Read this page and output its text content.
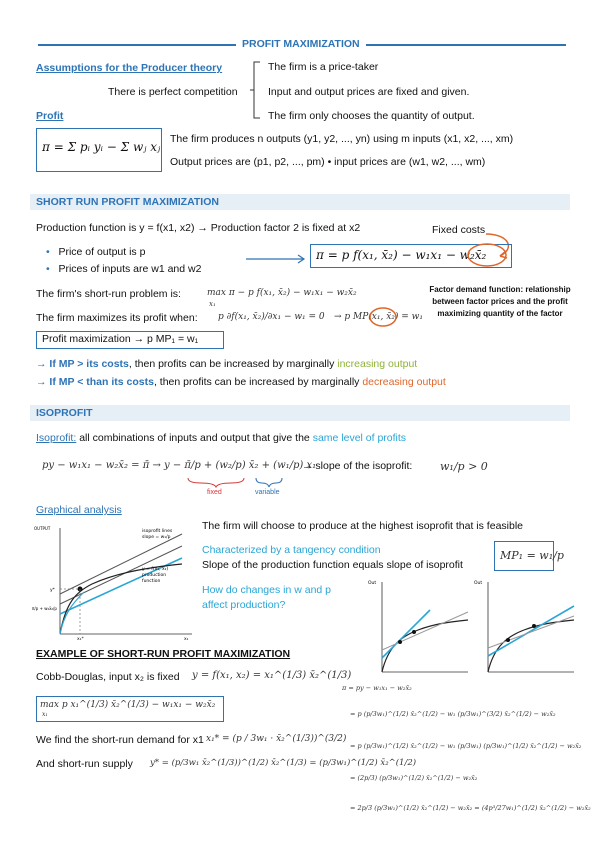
PROFIT MAXIMIZATION
Assumptions for the Producer theory
There is perfect competition
The firm is a price-taker
Input and output prices are fixed and given.
The firm only chooses the quantity of output.
Profit
π = Σ pᵢ yᵢ − Σ wⱼ xⱼ
The firm produces n outputs (y1, y2, ..., yn) using m inputs (x1, x2, ..., xm)
Output prices are (p1, p2, ..., pm) • input prices are (w1, w2, ..., wm)
SHORT RUN PROFIT MAXIMIZATION
Production function is y = f(x1, x2) → Production factor 2 is fixed at x2	Fixed costs
• Price of output is p
• Prices of inputs are w1 and w2
π = p f(x₁, x̄₂) − w₁x₁ − w₂x̄₂
The firm's short-run problem is:	max π − p f(x₁, x̄₂) − w₁x₁ − w₂x̄₂
x₁
The firm maximizes its profit when: p ∂f(x₁, x̄₂)/∂x₁ − w₁ = 0 → p MP(x₁, x̄₂) = w₁
Factor demand function: relationship between factor prices and the profit maximizing quantity of the factor
Profit maximization → p MP₁ = w₁
→ If MP > its costs, then profits can be increased by marginally increasing output
→ If MP < than its costs, then profits can be increased by marginally decreasing output
ISOPROFIT
Isoprofit: all combinations of inputs and output that give the same level of profits
py − w₁x₁ − w₂x̄₂ = π̄ → y − π̄/p + (w₂/p) x̄₂ + (w₁/p) x₁
fixed	variable
→ slope of the isoprofit:	w₁/p > 0
Graphical analysis
OUTPUT
isoprofit lines
slope = w₁/p
y = f(x₁, x̄₂)
production
function
y*
π/p + w₂x̄₂/p
x₁*	x₁
The firm will choose to produce at the highest isoprofit that is feasible
Characterized by a tangency condition
Slope of the production function equals slope of isoprofit
MP₁ = w₁/p
How do changes in w and p
affect production?
Out	Out
EXAMPLE OF SHORT-RUN PROFIT MAXIMIZATION
Cobb-Douglas, input x₂ is fixed y = f(x₁, x₂) = x₁^(1/3) x̄₂^(1/3)
max p x₁^(1/3) x̄₂^(1/3) − w₁x₁ − w₂x̄₂
x₁
We find the short-run demand for x1 x₁* = (p / 3w₁ · x̄₂^(1/3))^(3/2)
And short-run supply y* = (p/3w₁ x̄₂^(1/3))^(1/2) x̄₂^(1/3) = (p/3w₁)^(1/2) x̄₂^(1/2)
π = py − w₁x₁ − w₂x̄₂
= p (p/3w₁)^(1/2) x̄₂^(1/2) − w₁ (p/3w₁)^(3/2) x̄₂^(1/2) − w₂x̄₂
= p (p/3w₁)^(1/2) x̄₂^(1/2) − w₁ (p/3w₁) (p/3w₁)^(1/2) x̄₂^(1/2) − w₂x̄₂
= (2p/3) (p/3w₁)^(1/2) x̄₂^(1/2) − w₂x̄₂
= 2p/3 (p/3w₁)^(1/2) x̄₂^(1/2) − w₂x̄₂ = (4p³/27w₁)^(1/2) x̄₂^(1/2) − w₂x̄₂
